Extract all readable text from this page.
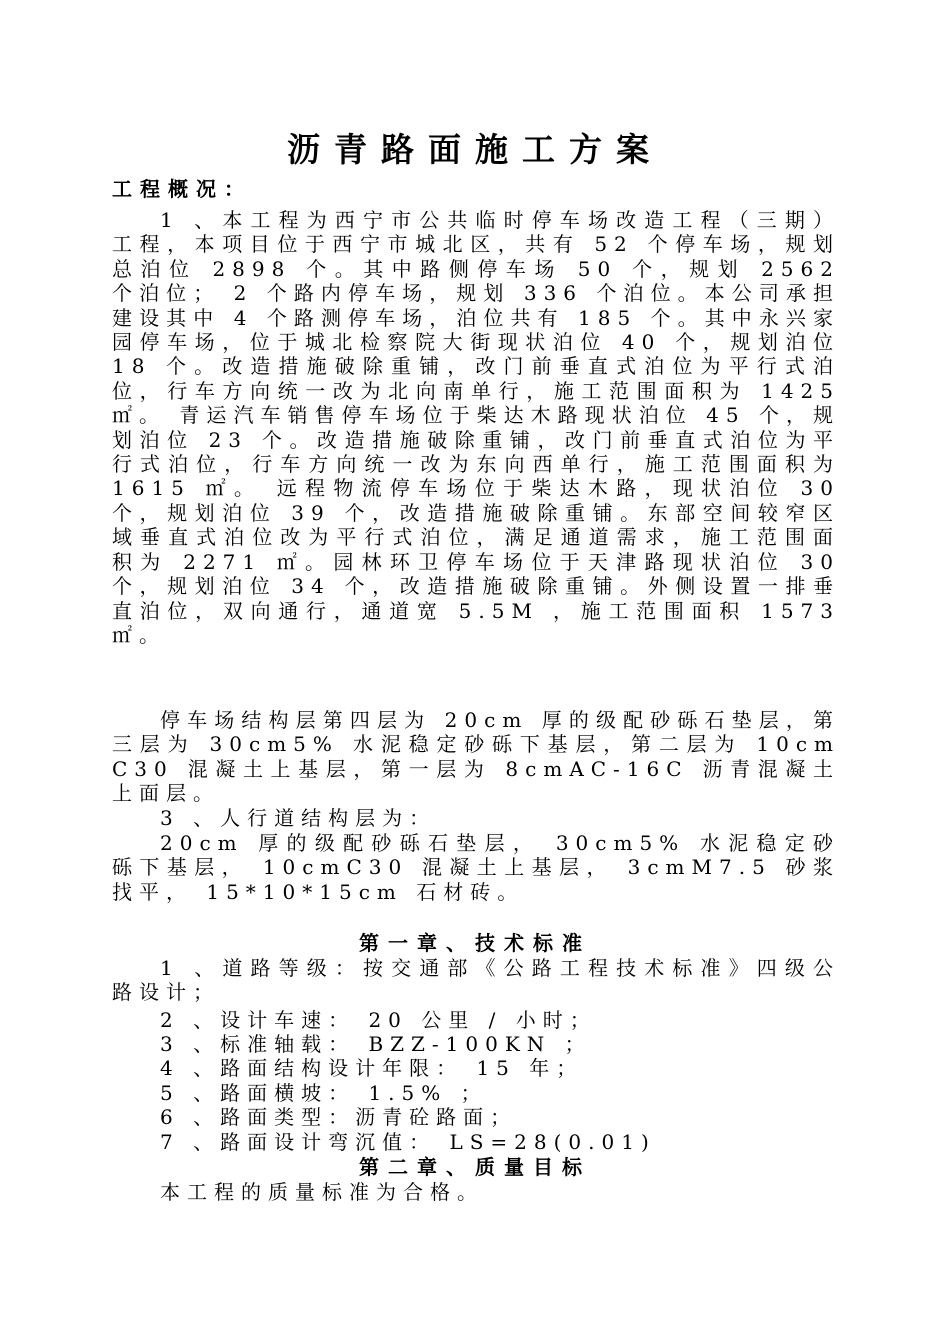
沥青路面施工方案
工程概况：
1 、本工程为西宁市公共临时停车场改造工程（三期）工程，本项目位于西宁市城北区，共有 52 个停车场，规划总泊位 2898 个。其中路侧停车场 50 个，规划 2562 个泊位； 2 个路内停车场，规划 336 个泊位。本公司承担建设其中 4 个路测停车场，泊位共有 185 个。其中永兴家园停车场，位于城北检察院大街现状泊位 40 个，规划泊位 18 个。改造措施破除重铺，改门前垂直式泊位为平行式泊位，行车方向统一改为北向南单行，施工范围面积为 1425 ㎡。 青运汽车销售停车场位于柴达木路现状泊位 45 个，规划泊位 23 个。改造措施破除重铺，改门前垂直式泊位为平行式泊位，行车方向统一改为东向西单行，施工范围面积为 1615 ㎡。 远程物流停车场位于柴达木路，现状泊位 30 个，规划泊位 39 个，改造措施破除重铺。东部空间较窄区域垂直式泊位改为平行式泊位，满足通道需求，施工范围面积为 2271 ㎡。园林环卫停车场位于天津路现状泊位 30 个，规划泊位 34 个，改造措施破除重铺。外侧设置一排垂直泊位，双向通行，通道宽 5.5M ，施工范围面积 1573 ㎡。
停车场结构层第四层为 20cm 厚的级配砂砾石垫层，第三层为 30cm5% 水泥稳定砂砾下基层，第二层为 10cmC30 混凝土上基层，第一层为 8cmAC-16C 沥青混凝土上面层。
3 、人行道结构层为：
20cm 厚的级配砂砾石垫层， 30cm5% 水泥稳定砂砾下基层， 10cmC30 混凝土上基层， 3cmM7.5 砂浆找平， 15*10*15cm 石材砖。
第一章、技术标准
1 、道路等级：按交通部《公路工程技术标准》四级公路设计；
2 、设计车速： 20 公里 / 小时；
3 、标准轴载： BZZ-100KN ；
4 、路面结构设计年限： 15 年；
5 、路面横坡： 1.5% ；
6 、路面类型：沥青砼路面；
7 、路面设计弯沉值： LS=28(0.01)
第二章、质量目标
本工程的质量标准为合格。
